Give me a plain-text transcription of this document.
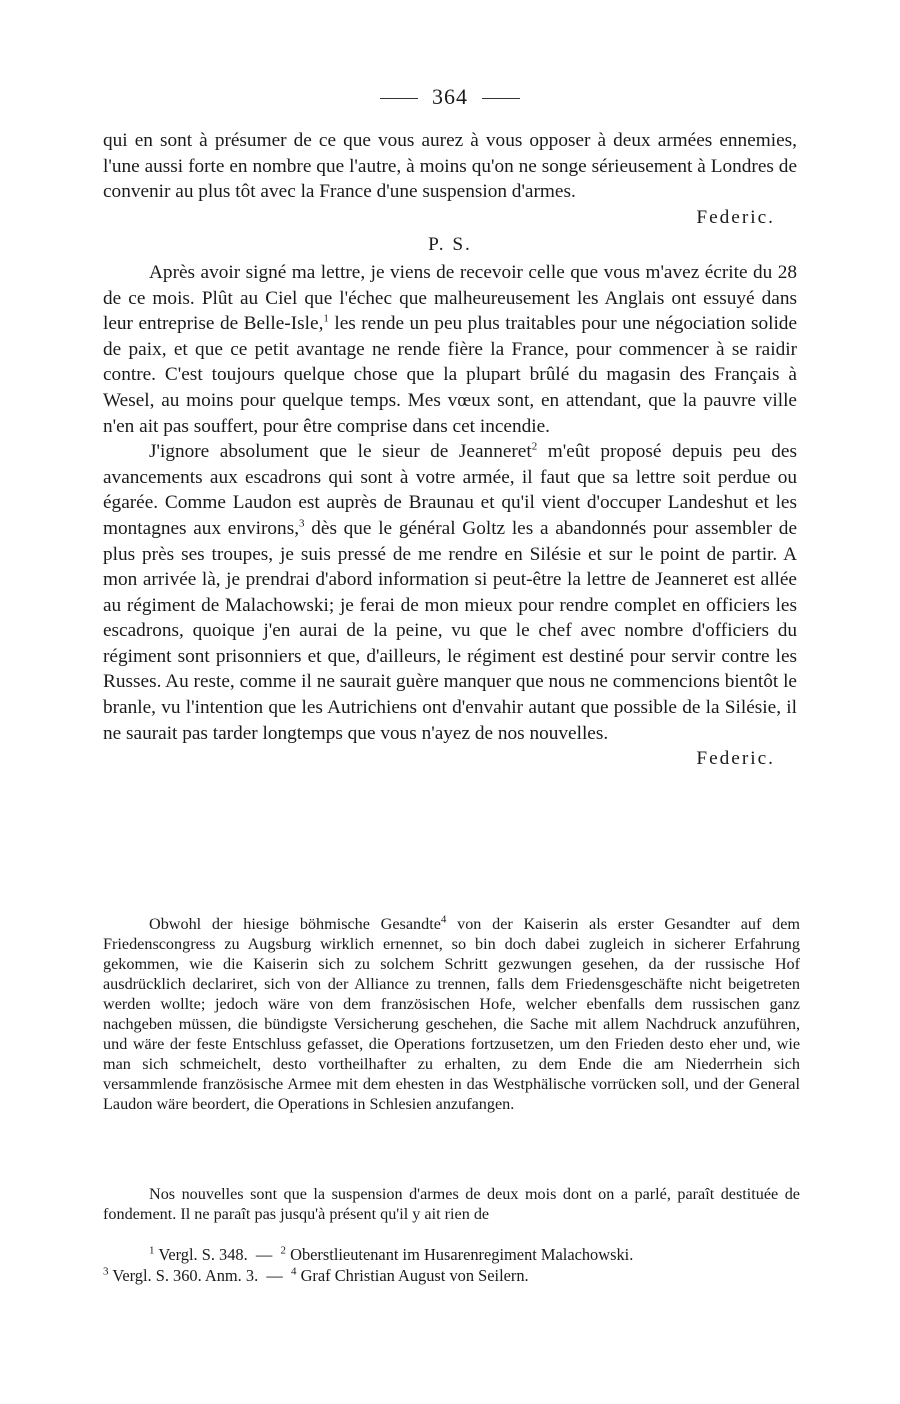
364

qui en sont à présumer de ce que vous aurez à vous opposer à deux armées ennemies, l'une aussi forte en nombre que l'autre, à moins qu'on ne songe sérieusement à Londres de convenir au plus tôt avec la France d'une suspension d'armes.

Federic.

P. S.

Après avoir signé ma lettre, je viens de recevoir celle que vous m'avez écrite du 28 de ce mois. Plût au Ciel que l'échec que malheureusement les Anglais ont essuyé dans leur entreprise de Belle-Isle,$^1$ les rende un peu plus traitables pour une négociation solide de paix, et que ce petit avantage ne rende fière la France, pour commencer à se raidir contre. C'est toujours quelque chose que la plupart brûlé du magasin des Français à Wesel, au moins pour quelque temps. Mes vœux sont, en attendant, que la pauvre ville n'en ait pas souffert, pour être comprise dans cet incendie.

J'ignore absolument que le sieur de Jeanneret$^2$ m'eût proposé depuis peu des avancements aux escadrons qui sont à votre armée, il faut que sa lettre soit perdue ou égarée. Comme Laudon est auprès de Braunau et qu'il vient d'occuper Landeshut et les montagnes aux environs,$^3$ dès que le général Goltz les a abandonnés pour assembler de plus près ses troupes, je suis pressé de me rendre en Silésie et sur le point de partir. A mon arrivée là, je prendrai d'abord information si peut-être la lettre de Jeanneret est allée au régiment de Malachowski; je ferai de mon mieux pour rendre complet en officiers les escadrons, quoique j'en aurai de la peine, vu que le chef avec nombre d'officiers du régiment sont prisonniers et que, d'ailleurs, le régiment est destiné pour servir contre les Russes. Au reste, comme il ne saurait guère manquer que nous ne commencions bientôt le branle, vu l'intention que les Autrichiens ont d'envahir autant que possible de la Silésie, il ne saurait pas tarder longtemps que vous n'ayez de nos nouvelles.

Federic.

Obwohl der hiesige böhmische Gesandte$^4$ von der Kaiserin als erster Gesandter auf dem Friedenscongress zu Augsburg wirklich ernennet, so bin doch dabei zugleich in sicherer Erfahrung gekommen, wie die Kaiserin sich zu solchem Schritt gezwungen gesehen, da der russische Hof ausdrücklich declariret, sich von der Alliance zu trennen, falls dem Friedensgeschäfte nicht beigetreten werden wollte; jedoch wäre von dem französischen Hofe, welcher ebenfalls dem russischen ganz nachgeben müssen, die bündigste Versicherung geschehen, die Sache mit allem Nachdruck anzuführen, und wäre der feste Entschluss gefasset, die Operations fortzusetzen, um den Frieden desto eher und, wie man sich schmeichelt, desto vortheilhafter zu erhalten, zu dem Ende die am Niederrhein sich versammlende französische Armee mit dem ehesten in das Westphälische vorrücken soll, und der General Laudon wäre beordert, die Operations in Schlesien anzufangen.

Nos nouvelles sont que la suspension d'armes de deux mois dont on a parlé, paraît destituée de fondement. Il ne paraît pas jusqu'à présent qu'il y ait rien de

$^1$ Vergl. S. 348. — $^2$ Oberstlieutenant im Husarenregiment Malachowski.
$^3$ Vergl. S. 360. Anm. 3. — $^4$ Graf Christian August von Seilern.
